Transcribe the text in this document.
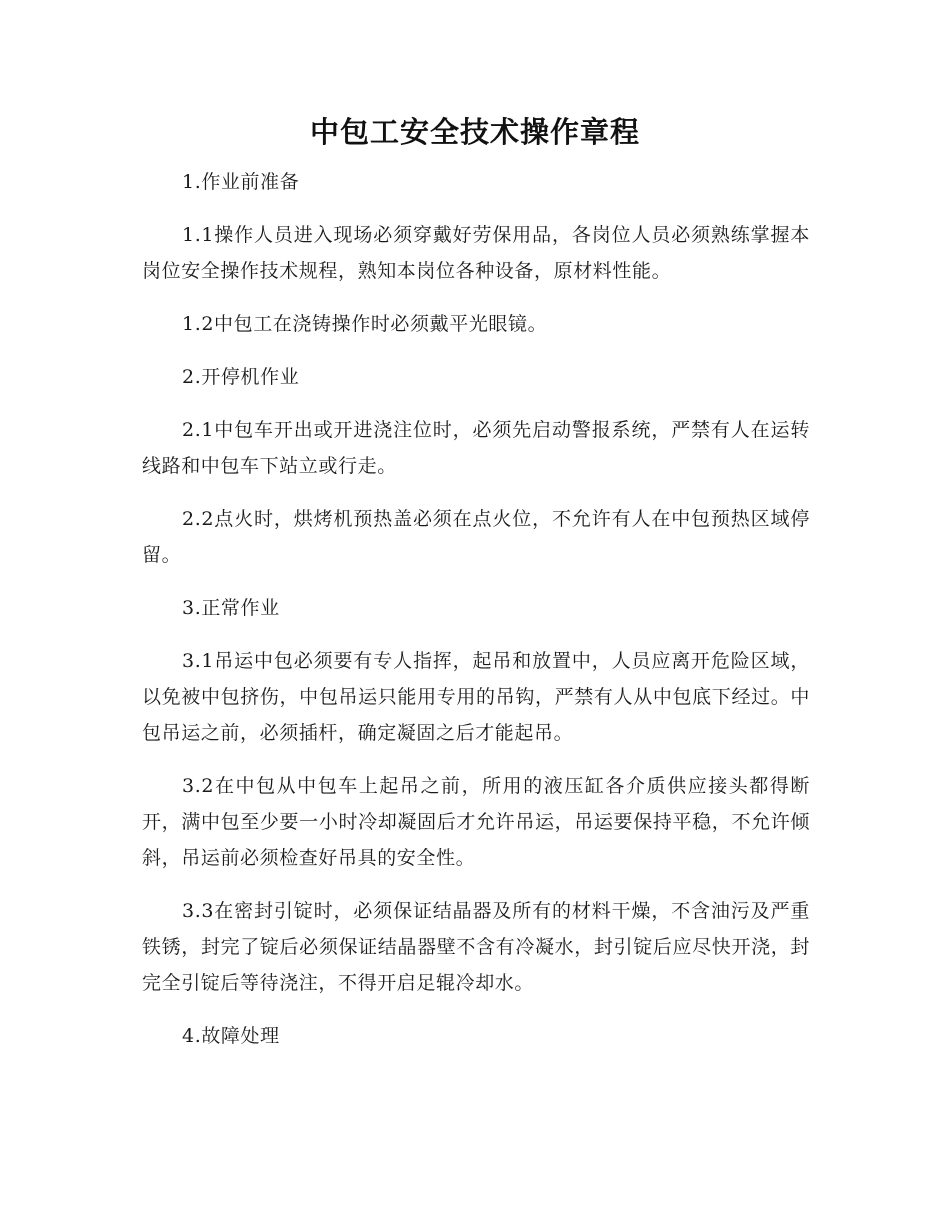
中包工安全技术操作章程

1.作业前准备

1.1操作人员进入现场必须穿戴好劳保用品，各岗位人员必须熟练掌握本岗位安全操作技术规程，熟知本岗位各种设备，原材料性能。

1.2中包工在浇铸操作时必须戴平光眼镜。

2.开停机作业

2.1中包车开出或开进浇注位时，必须先启动警报系统，严禁有人在运转线路和中包车下站立或行走。

2.2点火时，烘烤机预热盖必须在点火位，不允许有人在中包预热区域停留。

3.正常作业

3.1吊运中包必须要有专人指挥，起吊和放置中，人员应离开危险区域，以免被中包挤伤，中包吊运只能用专用的吊钩，严禁有人从中包底下经过。中包吊运之前，必须插杆，确定凝固之后才能起吊。

3.2在中包从中包车上起吊之前，所用的液压缸各介质供应接头都得断开，满中包至少要一小时冷却凝固后才允许吊运，吊运要保持平稳，不允许倾斜，吊运前必须检查好吊具的安全性。

3.3在密封引锭时，必须保证结晶器及所有的材料干燥，不含油污及严重铁锈，封完了锭后必须保证结晶器壁不含有冷凝水，封引锭后应尽快开浇，封完全引锭后等待浇注，不得开启足辊冷却水。

4.故障处理
